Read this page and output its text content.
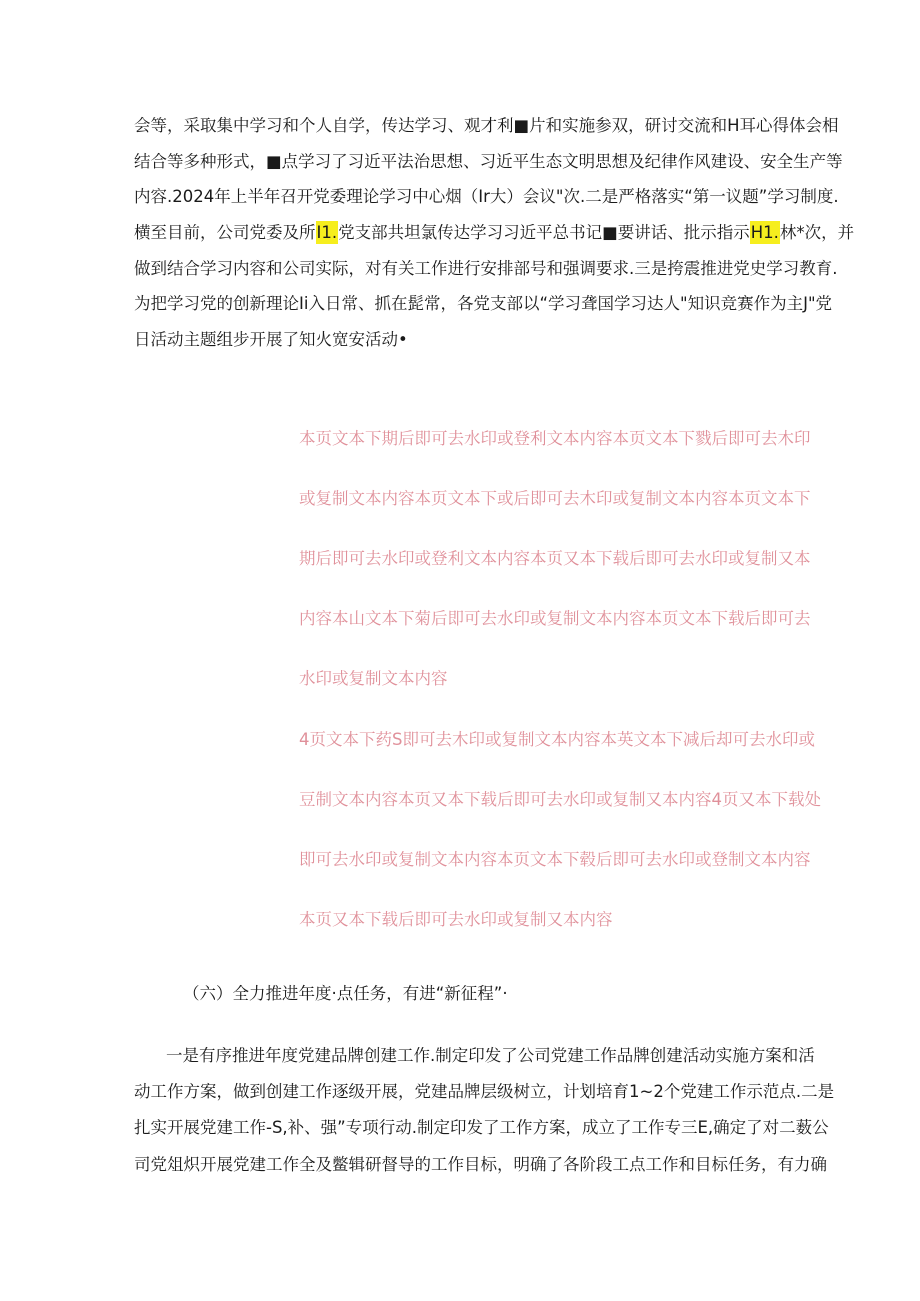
会等，采取集中学习和个人自学，传达学习、观才利■片和实施参双，研讨交流和H耳心得体会相
结合等多种形式，■点学习了习近平法治思想、习近平生态文明思想及纪律作风建设、安全生产等
内容.2024年上半年召开党委理论学习中心烟（Ir大）会议"次.二是严格落实“第一议题”学习制度.
横至目前，公司党委及所I1.党支部共坦氯传达学习习近平总书记■要讲话、批示指示H1.林*次，并
做到结合学习内容和公司实际，对有关工作进行安排部号和强调要求.三是挎震推进党史学习教育.
为把学习党的创新理论Ii入日常、抓在髭常，各党支部以“学习聋国学习达人"知识竞赛作为主J"党
日活动主题组步开展了知火宽安活动•
本页文本下期后即可去水印或登利文本内容本页文本下戮后即可去木印
或复制文本内容本页文本下或后即可去木印或复制文本内容本页文本下
期后即可去水印或登利文本内容本页又本下载后即可去水印或复制又本
内容本山文本下菊后即可去水印或复制文本内容本页文本下载后即可去
水印或复制文本内容
4页文本下药S即可去木印或复制文本内容本英文本下减后却可去水印或
豆制文本内容本页又本下载后即可去水印或复制又本内容4页又本下载处
即可去水印或复制文本内容本页文本下毂后即可去水印或登制文本内容
本页又本下载后即可去水印或复制又本内容
（六）全力推进年度·点任务，有进“新征程”·
一是有序推进年度党建品牌创建工作.制定印发了公司党建工作品牌创建活动实施方案和活
动工作方案，做到创建工作逐级开展，党建品牌层级树立，计划培育1~2个党建工作示范点.二是
扎实开展党建工作-S,补、强”专项行动.制定印发了工作方案，成立了工作专三E,确定了对二薮公
司党俎炽开展党建工作全及鳖辑研督导的工作目标，明确了各阶段工点工作和目标任务，有力确
